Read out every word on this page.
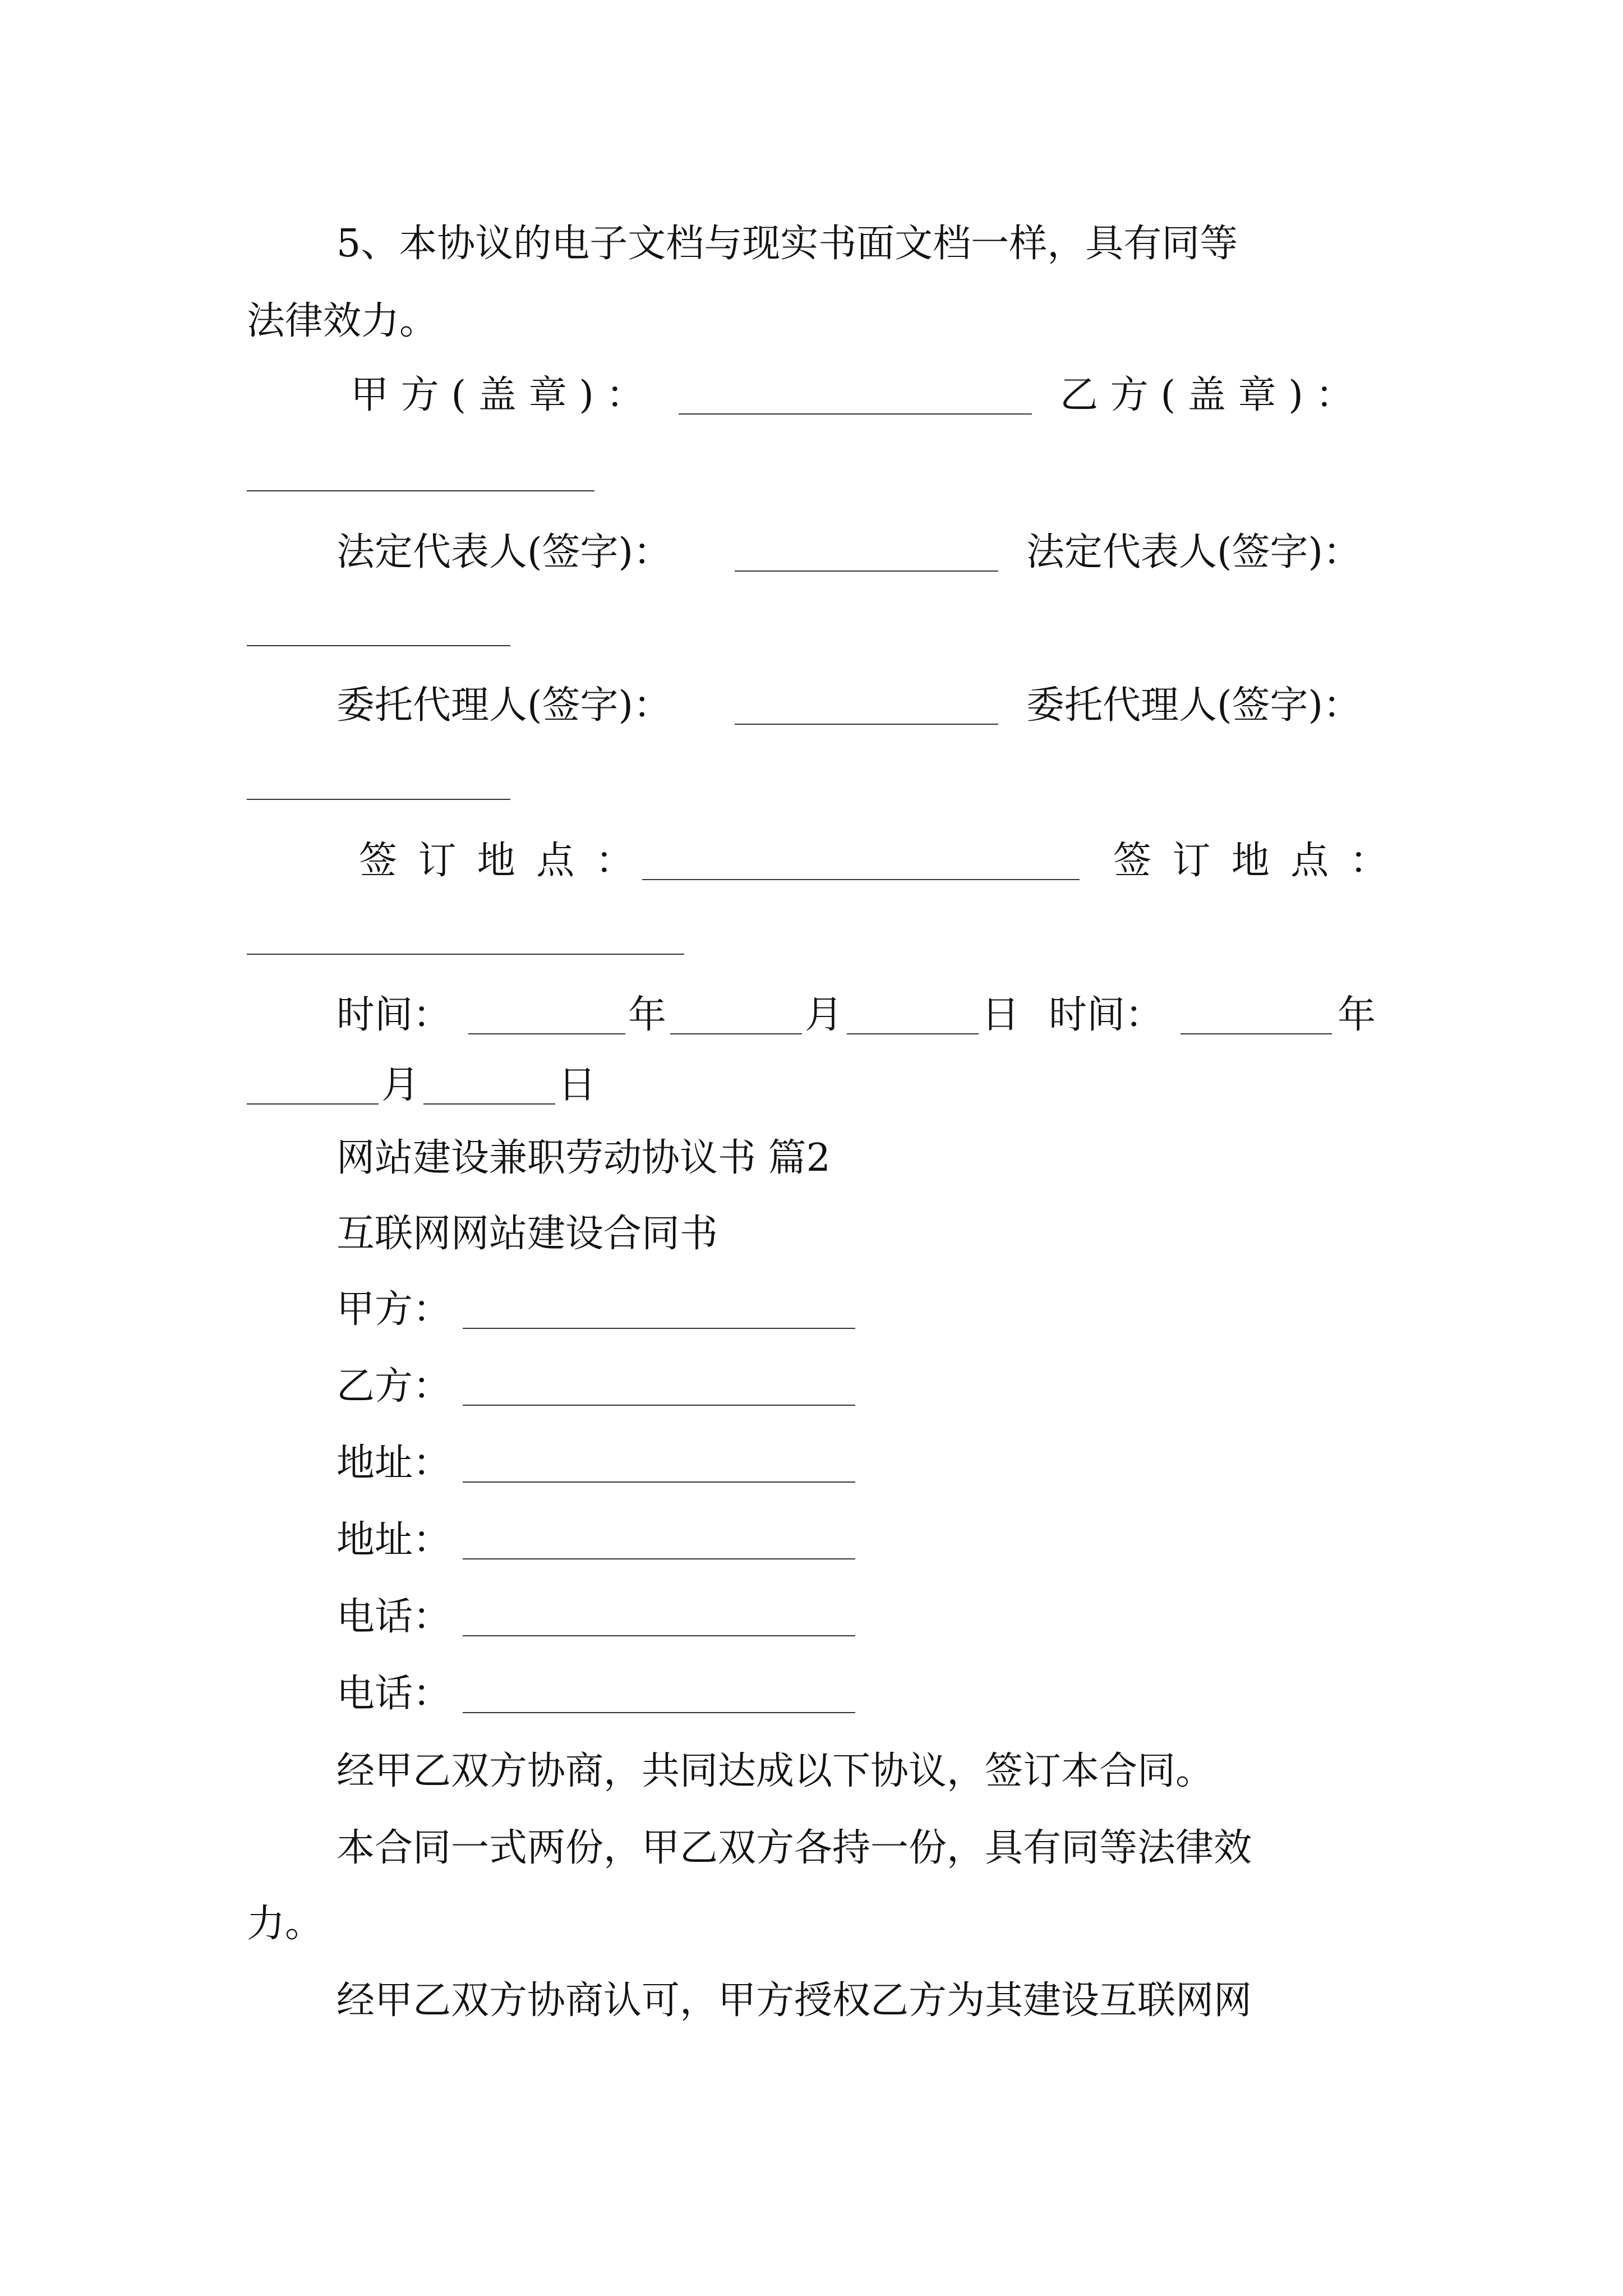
5、本协议的电子文档与现实书面文档一样，具有同等
法律效力。
甲方(盖章)：	乙方(盖章)：
法定代表人(签字)：	法定代表人(签字)：
委托代理人(签字)：	委托代理人(签字)：
签订地点：	签订地点：
时间：	年	月	日 时间：	年
月	日
网站建设兼职劳动协议书 篇2
互联网网站建设合同书
甲方：
乙方：
地址：
地址：
电话：
电话：
经甲乙双方协商，共同达成以下协议，签订本合同。
本合同一式两份，甲乙双方各持一份，具有同等法律效
力。
经甲乙双方协商认可，甲方授权乙方为其建设互联网网
